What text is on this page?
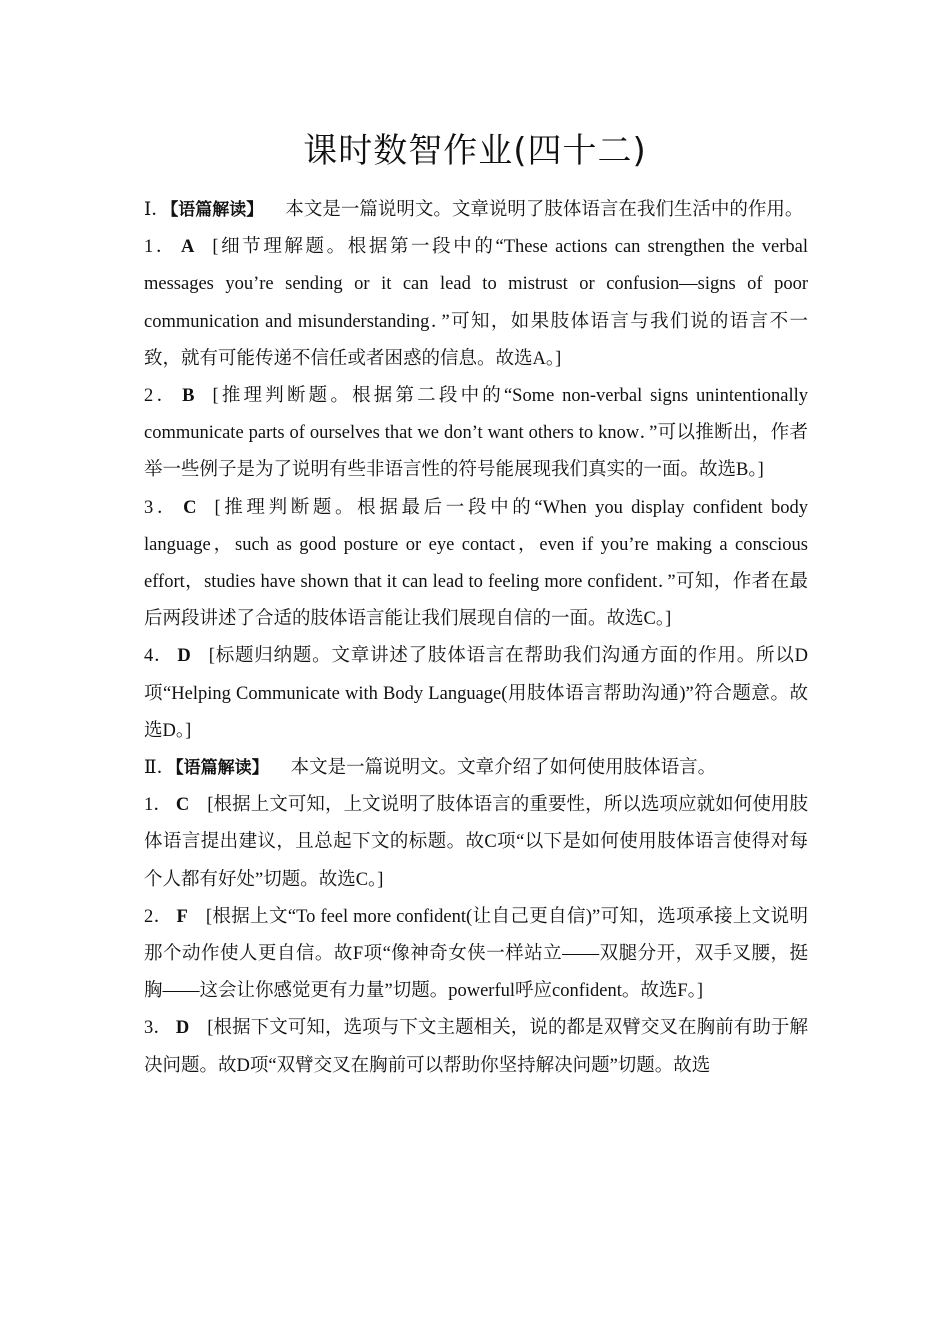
课时数智作业(四十二)

Ⅰ．【语篇解读】 本文是一篇说明文。文章说明了肢体语言在我们生活中的作用。

1． A [细节理解题。根据第一段中的“These actions can strengthen the verbal messages you’re sending or it can lead to mistrust or confusion—signs of poor communication and misunderstanding．”可知，如果肢体语言与我们说的语言不一致，就有可能传递不信任或者困惑的信息。故选A。]

2． B [推理判断题。根据第二段中的“Some non-verbal signs unintentionally communicate parts of ourselves that we don’t want others to know．”可以推断出，作者举一些例子是为了说明有些非语言性的符号能展现我们真实的一面。故选B。]

3． C [推理判断题。根据最后一段中的“When you display confident body language，such as good posture or eye contact，even if you’re making a conscious effort，studies have shown that it can lead to feeling more confident．”可知，作者在最后两段讲述了合适的肢体语言能让我们展现自信的一面。故选C。]

4． D [标题归纳题。文章讲述了肢体语言在帮助我们沟通方面的作用。所以D项“Helping Communicate with Body Language(用肢体语言帮助沟通)”符合题意。故选D。]

Ⅱ．【语篇解读】 本文是一篇说明文。文章介绍了如何使用肢体语言。

1． C [根据上文可知，上文说明了肢体语言的重要性，所以选项应就如何使用肢体语言提出建议，且总起下文的标题。故C项“以下是如何使用肢体语言使得对每个人都有好处”切题。故选C。]

2． F [根据上文“To feel more confident(让自己更自信)”可知，选项承接上文说明那个动作使人更自信。故F项“像神奇女侠一样站立——双腿分开，双手叉腰，挺胸——这会让你感觉更有力量”切题。powerful呼应confident。故选F。]

3． D [根据下文可知，选项与下文主题相关，说的都是双臂交叉在胸前有助于解决问题。故D项“双臂交叉在胸前可以帮助你坚持解决问题”切题。故选
